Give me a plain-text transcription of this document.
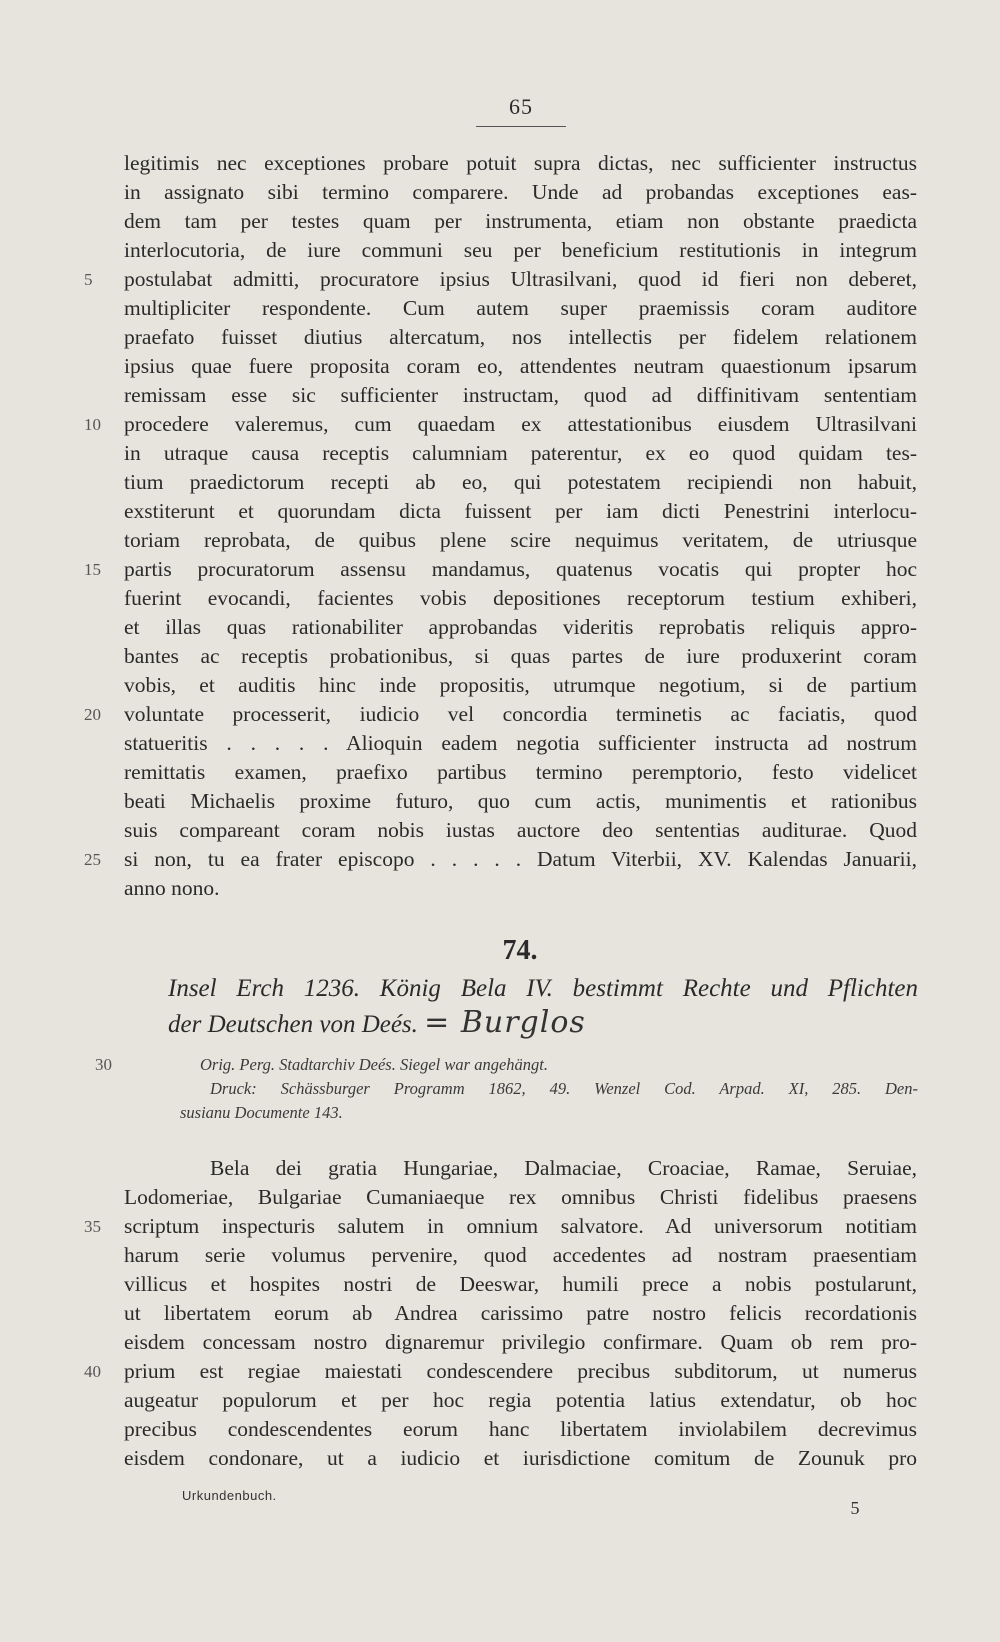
65
legitimis nec exceptiones probare potuit supra dictas, nec sufficienter instructus
in assignato sibi termino comparere. Unde ad probandas exceptiones eas-
dem tam per testes quam per instrumenta, etiam non obstante praedicta
interlocutoria, de iure communi seu per beneficium restitutionis in integrum
5	postulabat admitti, procuratore ipsius Ultrasilvani, quod id fieri non deberet,
multipliciter respondente. Cum autem super praemissis coram auditore
praefato fuisset diutius altercatum, nos intellectis per fidelem relationem
ipsius quae fuere proposita coram eo, attendentes neutram quaestionum ipsarum
remissam esse sic sufficienter instructam, quod ad diffinitivam sententiam
10	procedere valeremus, cum quaedam ex attestationibus eiusdem Ultrasilvani
in utraque causa receptis calumniam paterentur, ex eo quod quidam tes-
tium praedictorum recepti ab eo, qui potestatem recipiendi non habuit,
exstiterunt et quorundam dicta fuissent per iam dicti Penestrini interlocu-
toriam reprobata, de quibus plene scire nequimus veritatem, de utriusque
15	partis procuratorum assensu mandamus, quatenus vocatis qui propter hoc
fuerint evocandi, facientes vobis depositiones receptorum testium exhiberi,
et illas quas rationabiliter approbandas videritis reprobatis reliquis appro-
bantes ac receptis probationibus, si quas partes de iure produxerint coram
vobis, et auditis hinc inde propositis, utrumque negotium, si de partium
20	voluntate processerit, iudicio vel concordia terminetis ac faciatis, quod
statueritis . . . . . Alioquin eadem negotia sufficienter instructa ad nostrum
remittatis examen, praefixo partibus termino peremptorio, festo videlicet
beati Michaelis proxime futuro, quo cum actis, munimentis et rationibus
suis compareant coram nobis iustas auctore deo sententias auditurae. Quod
25	si non, tu ea frater episcopo . . . . . Datum Viterbii, XV. Kalendas Januarii,
anno nono.
74.
Insel Erch 1236. König Bela IV. bestimmt Rechte und Pflichten
der Deutschen von Deés. = Burglos
30	Orig. Perg. Stadtarchiv Deés. Siegel war angehängt.
Druck: Schässburger Programm 1862, 49. Wenzel Cod. Arpad. XI, 285. Den-
susianu Documente 143.
Bela dei gratia Hungariae, Dalmaciae, Croaciae, Ramae, Seruiae,
Lodomeriae, Bulgariae Cumaniaeque rex omnibus Christi fidelibus praesens
35	scriptum inspecturis salutem in omnium salvatore. Ad universorum notitiam
harum serie volumus pervenire, quod accedentes ad nostram praesentiam
villicus et hospites nostri de Deeswar, humili prece a nobis postularunt,
ut libertatem eorum ab Andrea carissimo patre nostro felicis recordationis
eisdem concessam nostro dignaremur privilegio confirmare. Quam ob rem pro-
40	prium est regiae maiestati condescendere precibus subditorum, ut numerus
augeatur populorum et per hoc regia potentia latius extendatur, ob hoc
precibus condescendentes eorum hanc libertatem inviolabilem decrevimus
eisdem condonare, ut a iudicio et iurisdictione comitum de Zounuk pro
Urkundenbuch.
5
